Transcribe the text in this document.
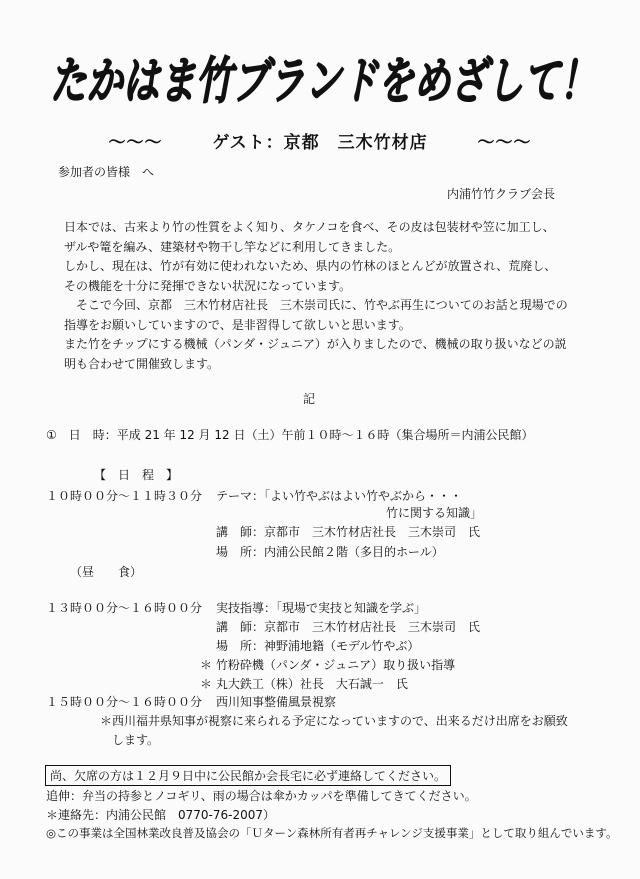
たかはま竹ブランドをめざして！
〜〜〜	ゲスト：京都　三木竹材店	〜〜〜
参加者の皆様　へ
内浦竹竹クラブ会長
日本では、古来より竹の性質をよく知り、タケノコを食べ、その皮は包装材や笠に加工し、
ザルや篭を編み、建築材や物干し竿などに利用してきました。
しかし、現在は、竹が有効に使われないため、県内の竹林のほとんどが放置され、荒廃し、
その機能を十分に発揮できない状況になっています。
　そこで今回、京都　三木竹材店社長　三木崇司氏に、竹やぶ再生についてのお話と現場での
指導をお願いしていますので、是非習得して欲しいと思います。
また竹をチップにする機械（パンダ・ジュニア）が入りましたので、機械の取り扱いなどの説
明も合わせて開催致します。
記
①　日　時：平成 21 年 12 月 12 日（土）午前１０時〜１６時（集合場所＝内浦公民館）
【　日　程　】
１０時００分〜１１時３０分 テーマ：「よい竹やぶはよい竹やぶから・・・
竹に関する知識」
講　師：京都市　三木竹材店社長　三木崇司　氏
場　所：内浦公民館２階（多目的ホール）
（昼　　食）
１３時００分〜１６時００分 実技指導：「現場で実技と知識を学ぶ」
講　師：京都市　三木竹材店社長　三木崇司　氏
場　所：神野浦地籍（モデル竹やぶ）
＊ 竹粉砕機（パンダ・ジュニア）取り扱い指導
＊ 丸大鉄工（株）社長　大石誠一　氏
１５時００分〜１６時００分 西川知事整備風景視察
＊西川福井県知事が視察に来られる予定になっていますので、出来るだけ出席をお願致
します。
尚、欠席の方は１２月９日中に公民館か会長宅に必ず連絡してください。
追伸：弁当の持参とノコギリ、雨の場合は傘かカッパを準備してきてください。
＊連絡先：内浦公民館　0770-76-2007）
◎この事業は全国林業改良普及協会の「Ｕターン森林所有者再チャレンジ支援事業」として取り組んでいます。
